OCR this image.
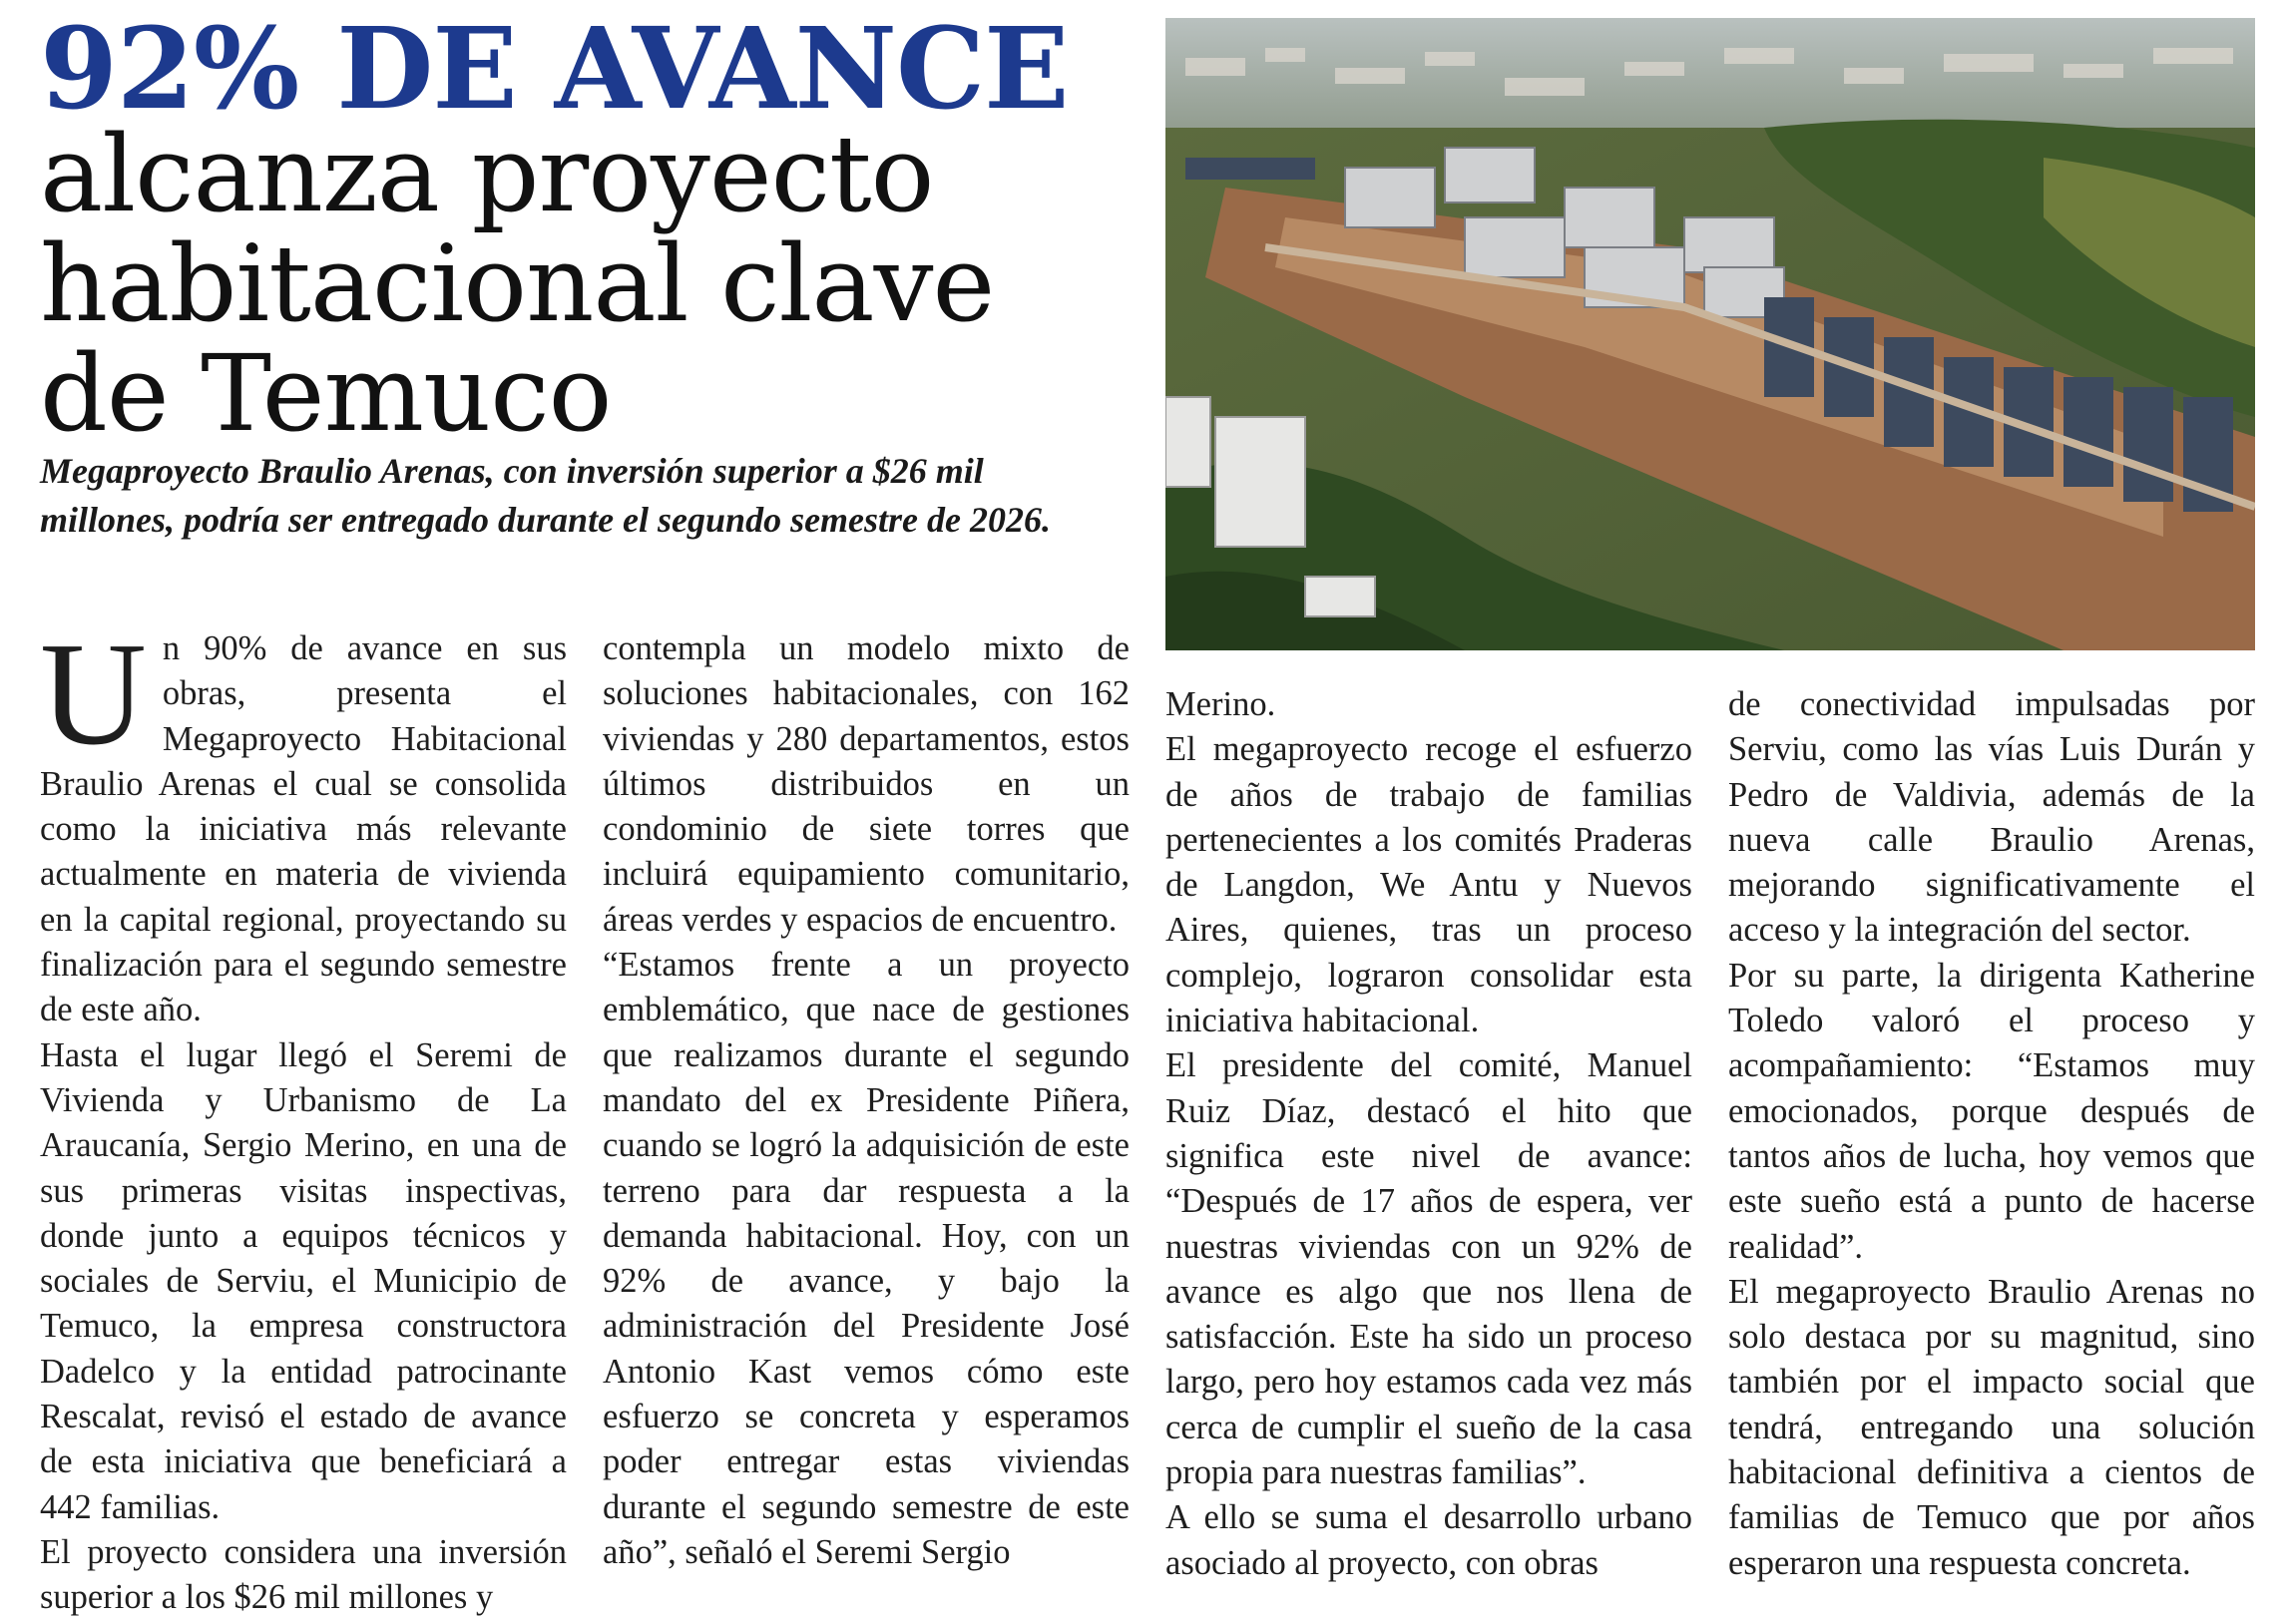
92% DE AVANCE
alcanza proyecto
habitacional clave
de Temuco
Megaproyecto Braulio Arenas, con inversión superior a $26 mil millones, podría ser entregado durante el segundo semestre de 2026.

Un 90% de avance en sus obras, presenta el Megaproyecto Habitacional Braulio Arenas el cual se consolida como la iniciativa más relevante actualmente en materia de vivienda en la capital regional, proyectando su finalización para el segundo semestre de este año.

Hasta el lugar llegó el Seremi de Vivienda y Urbanismo de La Araucanía, Sergio Merino, en una de sus primeras visitas inspectivas, donde junto a equipos técnicos y sociales de Serviu, el Municipio de Temuco, la empresa constructora Dadelco y la entidad patrocinante Rescalat, revisó el estado de avance de esta iniciativa que beneficiará a 442 familias.

El proyecto considera una inversión superior a los $26 mil millones y

contempla un modelo mixto de soluciones habitacionales, con 162 viviendas y 280 departamentos, estos últimos distribuidos en un condominio de siete torres que incluirá equipamiento comunitario, áreas verdes y espacios de encuentro.

“Estamos frente a un proyecto emblemático, que nace de gestiones que realizamos durante el segundo mandato del ex Presidente Piñera, cuando se logró la adquisición de este terreno para dar respuesta a la demanda habitacional. Hoy, con un 92% de avance, y bajo la administración del Presidente José Antonio Kast vemos cómo este esfuerzo se concreta y esperamos poder entregar estas viviendas durante el segundo semestre de este año”, señaló el Seremi Sergio

Merino.

El megaproyecto recoge el esfuerzo de años de trabajo de familias pertenecientes a los comités Praderas de Langdon, We Antu y Nuevos Aires, quienes, tras un proceso complejo, lograron consolidar esta iniciativa habitacional.

El presidente del comité, Manuel Ruiz Díaz, destacó el hito que significa este nivel de avance: “Después de 17 años de espera, ver nuestras viviendas con un 92% de avance es algo que nos llena de satisfacción. Este ha sido un proceso largo, pero hoy estamos cada vez más cerca de cumplir el sueño de la casa propia para nuestras familias”.

A ello se suma el desarrollo urbano asociado al proyecto, con obras

de conectividad impulsadas por Serviu, como las vías Luis Durán y Pedro de Valdivia, además de la nueva calle Braulio Arenas, mejorando significativamente el acceso y la integración del sector.

Por su parte, la dirigenta Katherine Toledo valoró el proceso y acompañamiento: “Estamos muy emocionados, porque después de tantos años de lucha, hoy vemos que este sueño está a punto de hacerse realidad”.

El megaproyecto Braulio Arenas no solo destaca por su magnitud, sino también por el impacto social que tendrá, entregando una solución habitacional definitiva a cientos de familias de Temuco que por años esperaron una respuesta concreta.
